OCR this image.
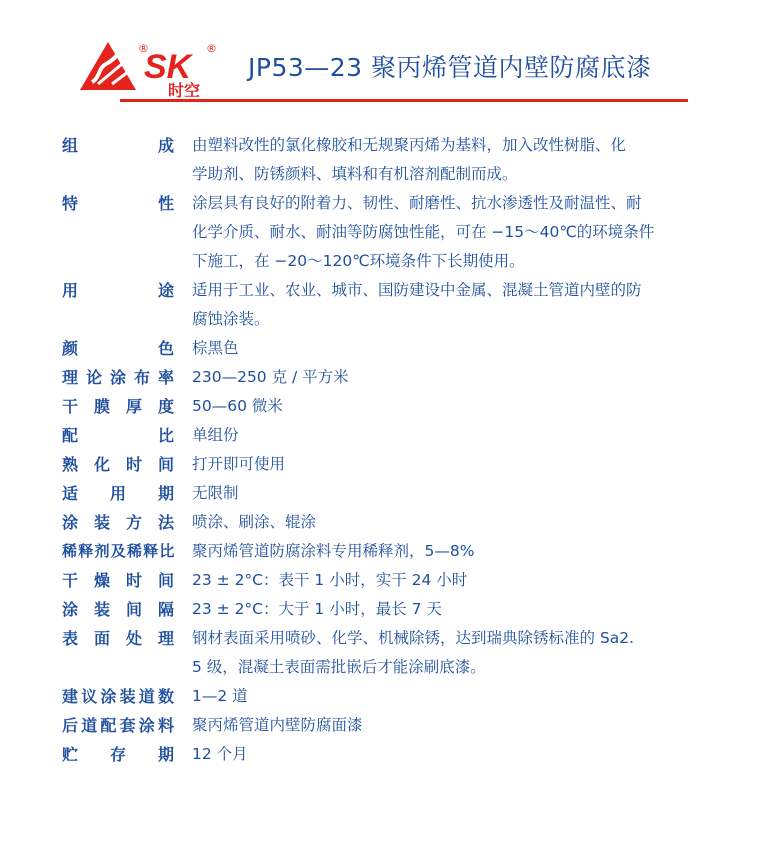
SK
®	®
时空
JP53—23 聚丙烯管道内壁防腐底漆
组	成 由塑料改性的氯化橡胶和无规聚丙烯为基料，加入改性树脂、化
学助剂、防锈颜料、填料和有机溶剂配制而成。
特	性 涂层具有良好的附着力、韧性、耐磨性、抗水渗透性及耐温性、耐
化学介质、耐水、耐油等防腐蚀性能，可在 −15～40℃的环境条件
下施工，在 −20～120℃环境条件下长期使用。
用	途 适用于工业、农业、城市、国防建设中金属、混凝土管道内壁的防
腐蚀涂装。
颜	色 棕黑色
理 论 涂 布 率 230—250 克 / 平方米
干 膜 厚 度 50—60 微米
配	比 单组份
熟 化 时 间 打开即可使用
适 用 期 无限制
涂 装 方 法 喷涂、刷涂、辊涂
稀 释 剂 及 稀 释 比 聚丙烯管道防腐涂料专用稀释剂，5—8%
干 燥 时 间 23 ± 2°C：表干 1 小时，实干 24 小时
涂 装 间 隔 23 ± 2°C：大于 1 小时，最长 7 天
表 面 处 理 钢材表面采用喷砂、化学、机械除锈，达到瑞典除锈标准的 Sa2.
5 级，混凝土表面需批嵌后才能涂刷底漆。
建 议 涂 装 道 数 1—2 道
后 道 配 套 涂 料 聚丙烯管道内壁防腐面漆
贮 存 期 12 个月
